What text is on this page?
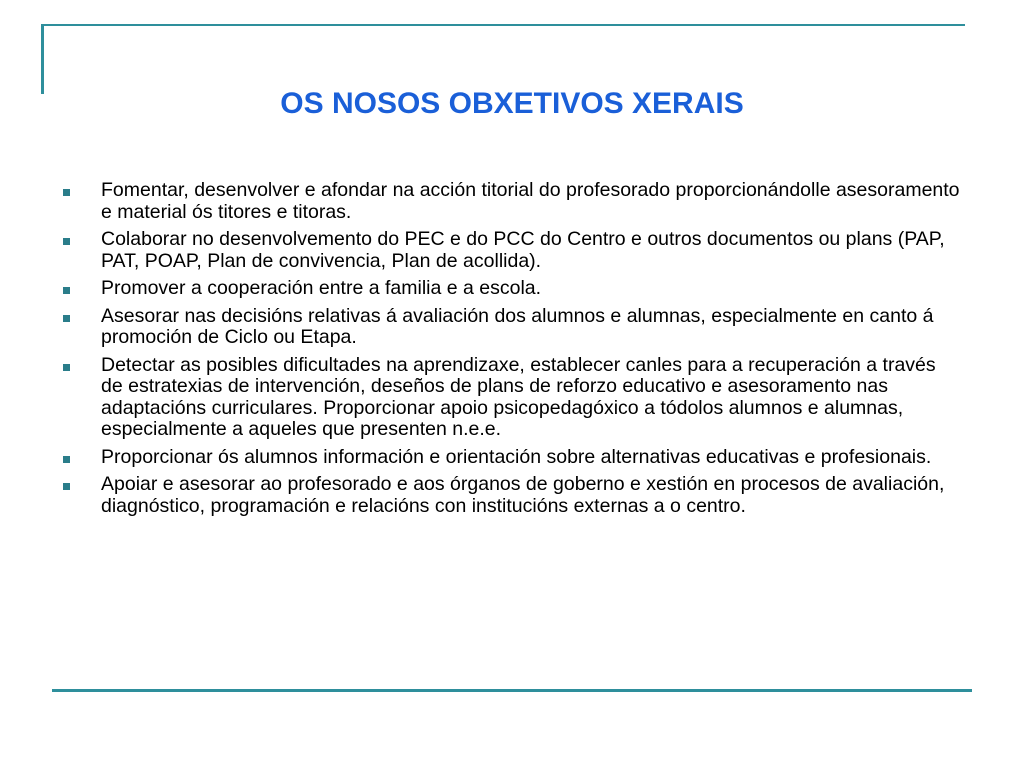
OS NOSOS OBXETIVOS XERAIS
Fomentar, desenvolver e afondar na acción titorial do profesorado proporcionándolle asesoramento e material ós titores e titoras.
Colaborar no desenvolvemento do PEC e do PCC do Centro e outros documentos ou plans (PAP, PAT, POAP, Plan de convivencia, Plan de acollida).
Promover a cooperación entre a familia e a escola.
Asesorar nas decisións relativas á avaliación dos alumnos e alumnas, especialmente en canto á promoción de Ciclo ou Etapa.
Detectar as posibles dificultades na aprendizaxe, establecer canles para a recuperación a través de estratexias de intervención, deseños de plans de reforzo educativo e asesoramento nas adaptacións curriculares. Proporcionar apoio psicopedagóxico a tódolos alumnos e alumnas, especialmente a aqueles que presenten n.e.e.
Proporcionar ós alumnos información e orientación sobre alternativas educativas e profesionais.
Apoiar e asesorar ao profesorado e aos órganos de goberno e xestión en procesos de avaliación, diagnóstico, programación e relacións con institucións externas a o centro.
